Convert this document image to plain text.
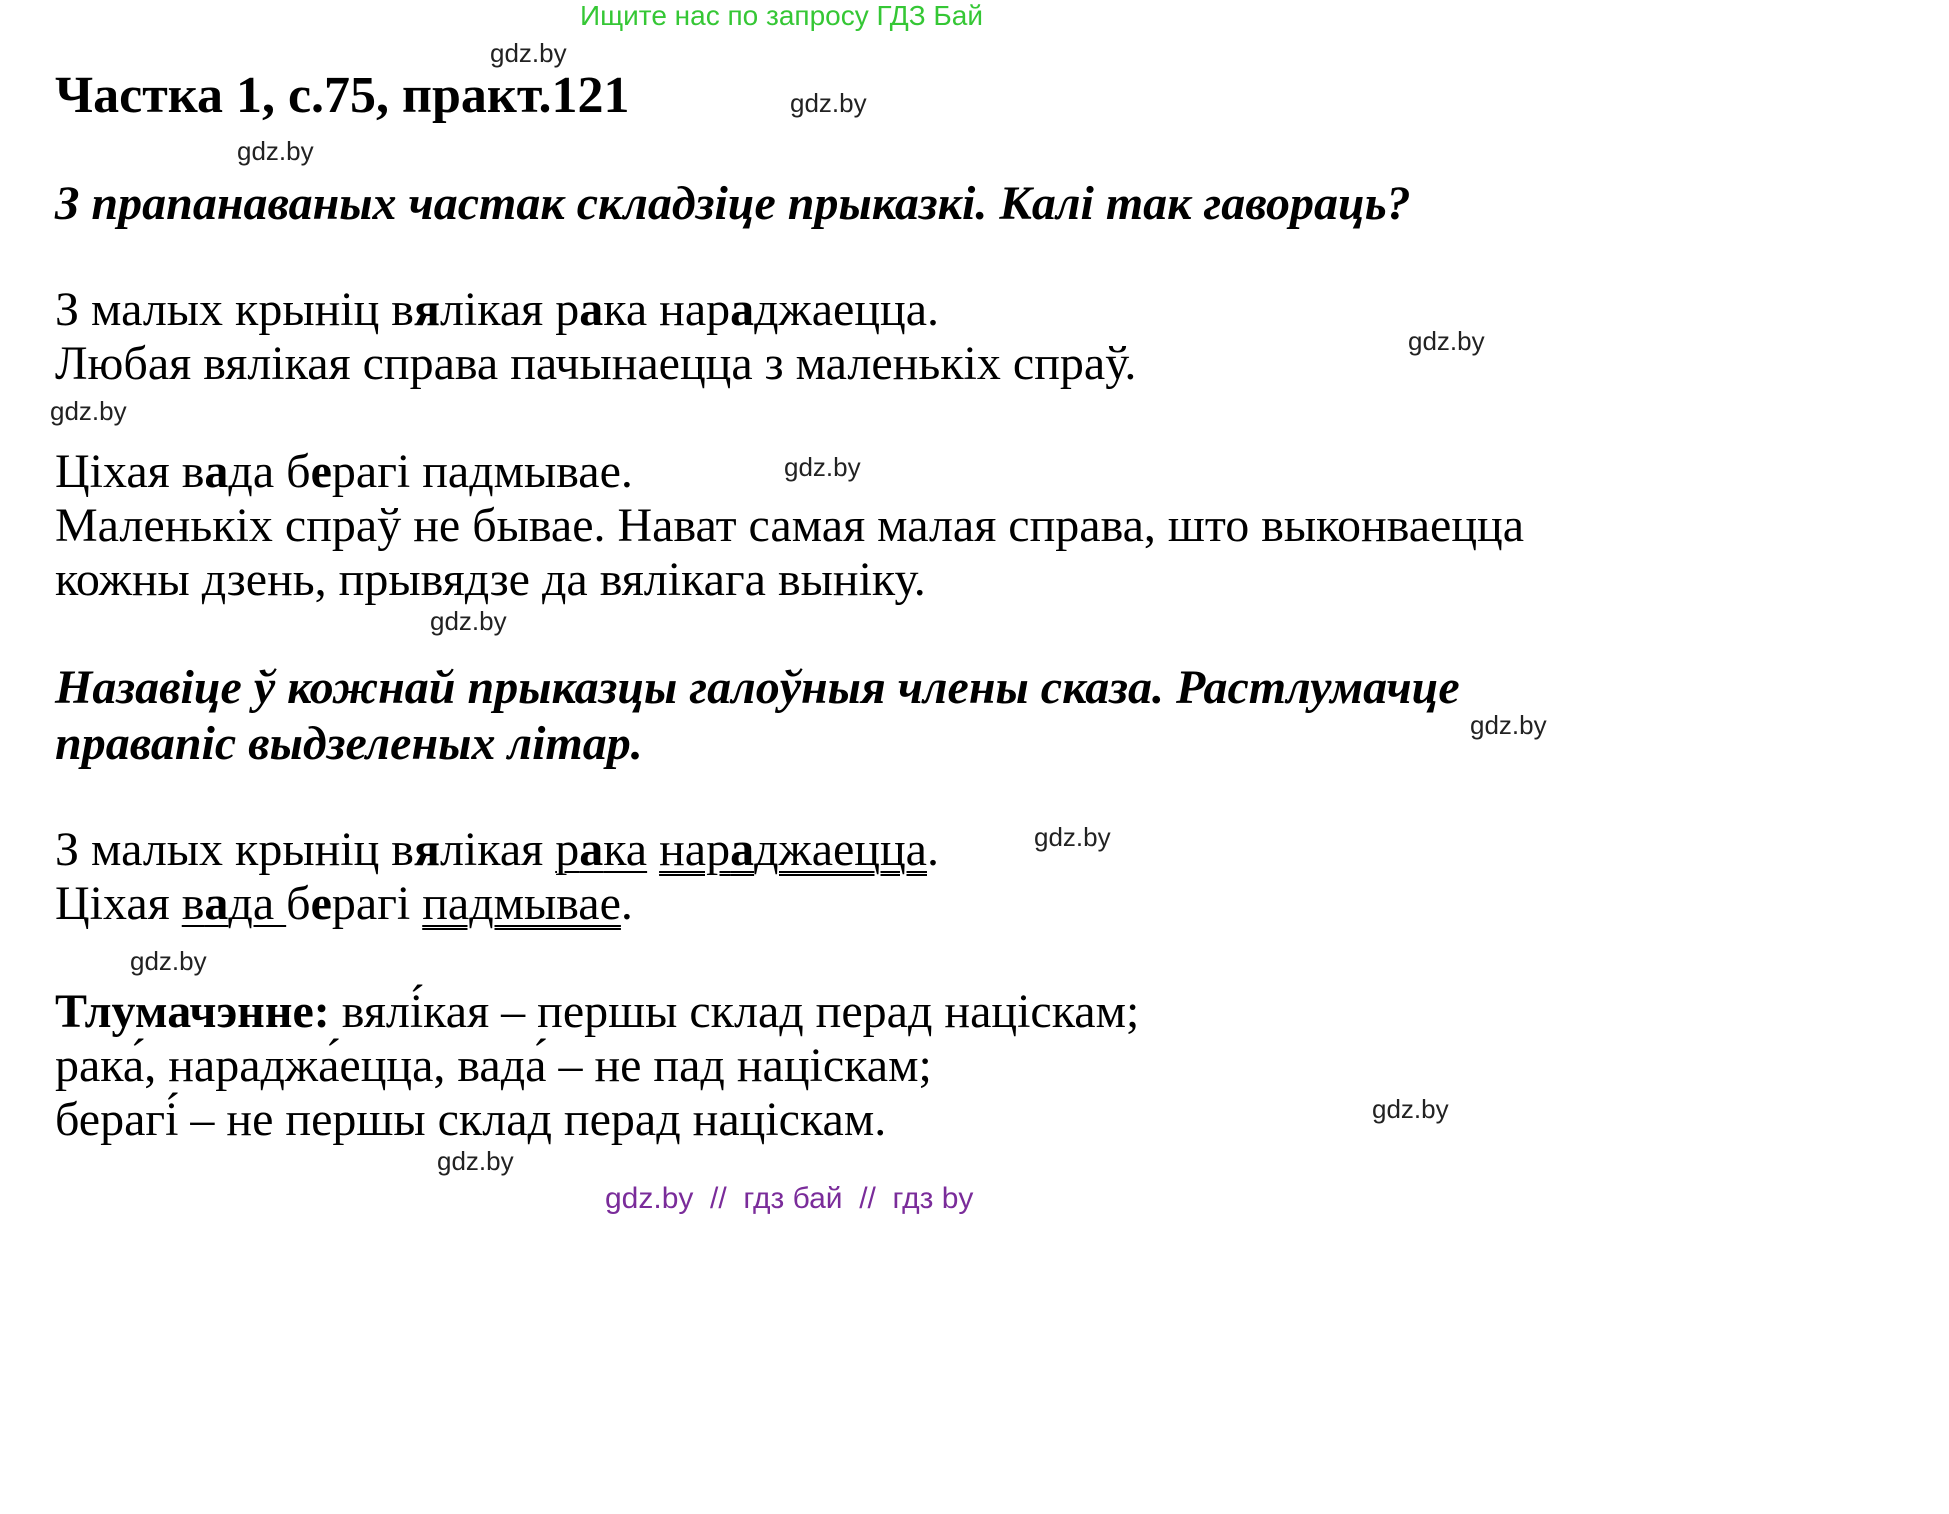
Ищите нас по запросу ГДЗ Бай
gdz.by
Частка 1, с.75, практ.121	gdz.by
gdz.by
З прапанаваных частак складзіце прыказкі. Калі так гавораць?
З малых крыніц вялікая рака нараджаецца.
gdz.by
Любая вялікая справа пачынаецца з маленькіх спраў.
gdz.by
Ціхая вада берагі падмывае.	gdz.by
Маленькіх спраў не бывае. Нават самая малая справа, што выконваецца
кожны дзень, прывядзе да вялікага выніку.
gdz.by
Назавіце ў кожнай прыказцы галоўныя члены сказа. Растлумачце
gdz.by
правапіс выдзеленых літар.
З малых крыніц вялікая рака нараджаецца.	gdz.by
Ціхая вада берагі падмывае.
gdz.by
Тлумачэнне: вялі́кая – першы склад перад націскам;
рака́, нараджа́ецца, вада́ – не пад націскам;
gdz.by
берагі́ – не першы склад перад націскам.
gdz.by
gdz.by  //  гдз бай  //  гдз by
